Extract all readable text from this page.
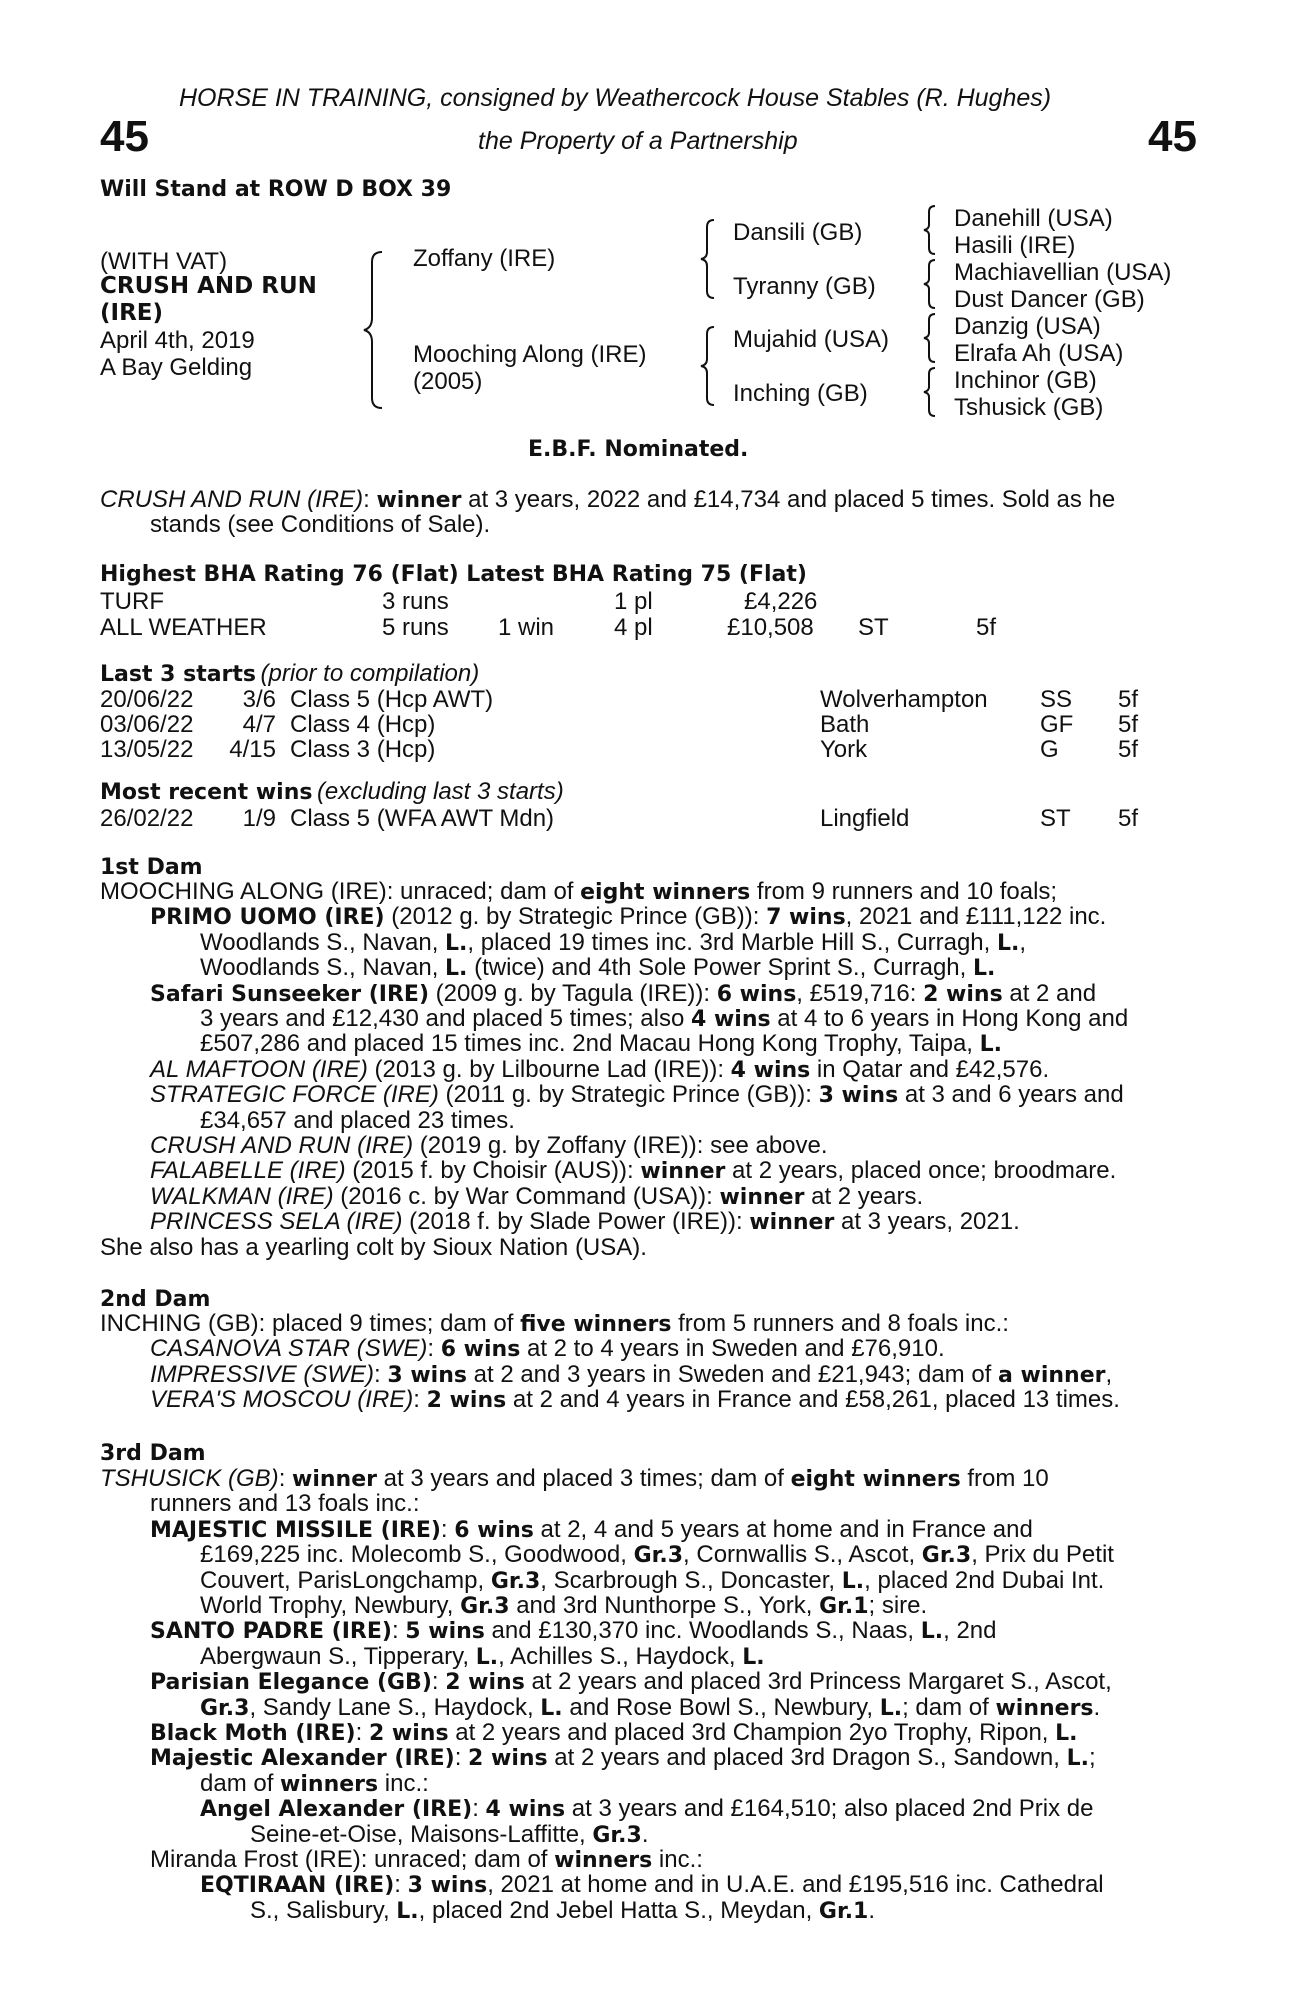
HORSE IN TRAINING, consigned by Weathercock House Stables (R. Hughes)
45	the Property of a Partnership	45
Will Stand at ROW D BOX 39
(WITH VAT)
CRUSH AND RUN
(IRE)
April 4th, 2019
A Bay Gelding
Zoffany (IRE)
Mooching Along (IRE)
(2005)
Dansili (GB)
Tyranny (GB)
Mujahid (USA)
Inching (GB)
Danehill (USA)
Hasili (IRE)
Machiavellian (USA)
Dust Dancer (GB)
Danzig (USA)
Elrafa Ah (USA)
Inchinor (GB)
Tshusick (GB)
E.B.F. Nominated.
CRUSH AND RUN (IRE): winner at 3 years, 2022 and £14,734 and placed 5 times. Sold as he
stands (see Conditions of Sale).
Highest BHA Rating 76 (Flat) Latest BHA Rating 75 (Flat)
TURF	3 runs	1 pl	£4,226
ALL WEATHER	5 runs 1 win 4 pl	£10,508 ST	5f
Last 3 starts (prior to compilation)
20/06/22 3/6 Class 5 (Hcp AWT)	Wolverhampton SS 5f
03/06/22 4/7 Class 4 (Hcp)	Bath	GF 5f
13/05/22 4/15 Class 3 (Hcp)	York	G 5f
Most recent wins (excluding last 3 starts)
26/02/22 1/9 Class 5 (WFA AWT Mdn)	Lingfield	ST 5f
1st Dam
MOOCHING ALONG (IRE): unraced; dam of eight winners from 9 runners and 10 foals;
PRIMO UOMO (IRE) (2012 g. by Strategic Prince (GB)): 7 wins, 2021 and £111,122 inc.
Woodlands S., Navan, L., placed 19 times inc. 3rd Marble Hill S., Curragh, L.,
Woodlands S., Navan, L. (twice) and 4th Sole Power Sprint S., Curragh, L.
Safari Sunseeker (IRE) (2009 g. by Tagula (IRE)): 6 wins, £519,716: 2 wins at 2 and
3 years and £12,430 and placed 5 times; also 4 wins at 4 to 6 years in Hong Kong and
£507,286 and placed 15 times inc. 2nd Macau Hong Kong Trophy, Taipa, L.
AL MAFTOON (IRE) (2013 g. by Lilbourne Lad (IRE)): 4 wins in Qatar and £42,576.
STRATEGIC FORCE (IRE) (2011 g. by Strategic Prince (GB)): 3 wins at 3 and 6 years and
£34,657 and placed 23 times.
CRUSH AND RUN (IRE) (2019 g. by Zoffany (IRE)): see above.
FALABELLE (IRE) (2015 f. by Choisir (AUS)): winner at 2 years, placed once; broodmare.
WALKMAN (IRE) (2016 c. by War Command (USA)): winner at 2 years.
PRINCESS SELA (IRE) (2018 f. by Slade Power (IRE)): winner at 3 years, 2021.
She also has a yearling colt by Sioux Nation (USA).
2nd Dam
INCHING (GB): placed 9 times; dam of five winners from 5 runners and 8 foals inc.:
CASANOVA STAR (SWE): 6 wins at 2 to 4 years in Sweden and £76,910.
IMPRESSIVE (SWE): 3 wins at 2 and 3 years in Sweden and £21,943; dam of a winner,
VERA'S MOSCOU (IRE): 2 wins at 2 and 4 years in France and £58,261, placed 13 times.
3rd Dam
TSHUSICK (GB): winner at 3 years and placed 3 times; dam of eight winners from 10
runners and 13 foals inc.:
MAJESTIC MISSILE (IRE): 6 wins at 2, 4 and 5 years at home and in France and
£169,225 inc. Molecomb S., Goodwood, Gr.3, Cornwallis S., Ascot, Gr.3, Prix du Petit
Couvert, ParisLongchamp, Gr.3, Scarbrough S., Doncaster, L., placed 2nd Dubai Int.
World Trophy, Newbury, Gr.3 and 3rd Nunthorpe S., York, Gr.1; sire.
SANTO PADRE (IRE): 5 wins and £130,370 inc. Woodlands S., Naas, L., 2nd
Abergwaun S., Tipperary, L., Achilles S., Haydock, L.
Parisian Elegance (GB): 2 wins at 2 years and placed 3rd Princess Margaret S., Ascot,
Gr.3, Sandy Lane S., Haydock, L. and Rose Bowl S., Newbury, L.; dam of winners.
Black Moth (IRE): 2 wins at 2 years and placed 3rd Champion 2yo Trophy, Ripon, L.
Majestic Alexander (IRE): 2 wins at 2 years and placed 3rd Dragon S., Sandown, L.;
dam of winners inc.:
Angel Alexander (IRE): 4 wins at 3 years and £164,510; also placed 2nd Prix de
Seine-et-Oise, Maisons-Laffitte, Gr.3.
Miranda Frost (IRE): unraced; dam of winners inc.:
EQTIRAAN (IRE): 3 wins, 2021 at home and in U.A.E. and £195,516 inc. Cathedral
S., Salisbury, L., placed 2nd Jebel Hatta S., Meydan, Gr.1.
